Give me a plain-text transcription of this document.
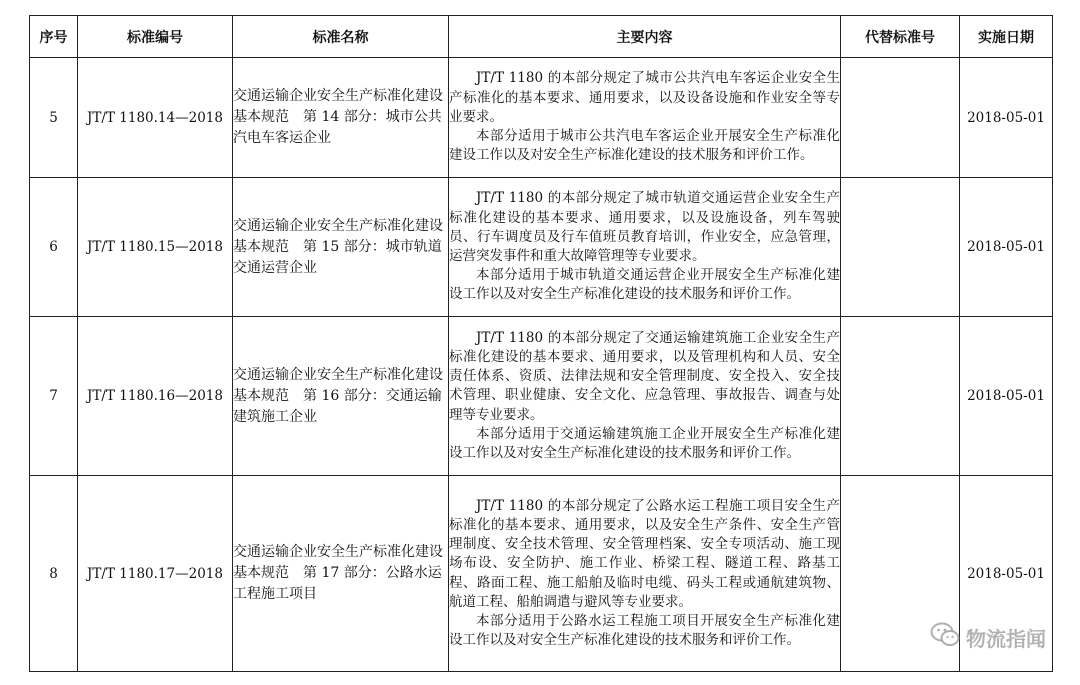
序号	标准编号	标准名称	主要内容	代替标准号	实施日期
5	JT/T 1180.14—2018	交通运输企业安全生产标准化建设基本规范　第 14 部分：城市公共汽电车客运企业	JT/T 1180 的本部分规定了城市公共汽电车客运企业安全生产标准化的基本要求、通用要求，以及设备设施和作业安全等专业要求。

本部分适用于城市公共汽电车客运企业开展安全生产标准化建设工作以及对安全生产标准化建设的技术服务和评价工作。		2018-05-01
6	JT/T 1180.15—2018	交通运输企业安全生产标准化建设基本规范　第 15 部分：城市轨道交通运营企业	JT/T 1180 的本部分规定了城市轨道交通运营企业安全生产标准化建设的基本要求、通用要求，以及设施设备，列车驾驶员、行车调度员及行车值班员教育培训，作业安全，应急管理，运营突发事件和重大故障管理等专业要求。

本部分适用于城市轨道交通运营企业开展安全生产标准化建设工作以及对安全生产标准化建设的技术服务和评价工作。		2018-05-01
7	JT/T 1180.16—2018	交通运输企业安全生产标准化建设基本规范　第 16 部分：交通运输建筑施工企业	JT/T 1180 的本部分规定了交通运输建筑施工企业安全生产标准化建设的基本要求、通用要求，以及管理机构和人员、安全责任体系、资质、法律法规和安全管理制度、安全投入、安全技术管理、职业健康、安全文化、应急管理、事故报告、调查与处理等专业要求。

本部分适用于交通运输建筑施工企业开展安全生产标准化建设工作以及对安全生产标准化建设的技术服务和评价工作。		2018-05-01
8	JT/T 1180.17—2018	交通运输企业安全生产标准化建设基本规范　第 17 部分：公路水运工程施工项目	JT/T 1180 的本部分规定了公路水运工程施工项目安全生产标准化的基本要求、通用要求，以及安全生产条件、安全生产管理制度、安全技术管理、安全管理档案、安全专项活动、施工现场布设、安全防护、施工作业、桥梁工程、隧道工程、路基工程、路面工程、施工船舶及临时电缆、码头工程或通航建筑物、航道工程、船舶调遣与避风等专业要求。

本部分适用于公路水运工程施工项目开展安全生产标准化建设工作以及对安全生产标准化建设的技术服务和评价工作。		2018-05-01
物流指闻
